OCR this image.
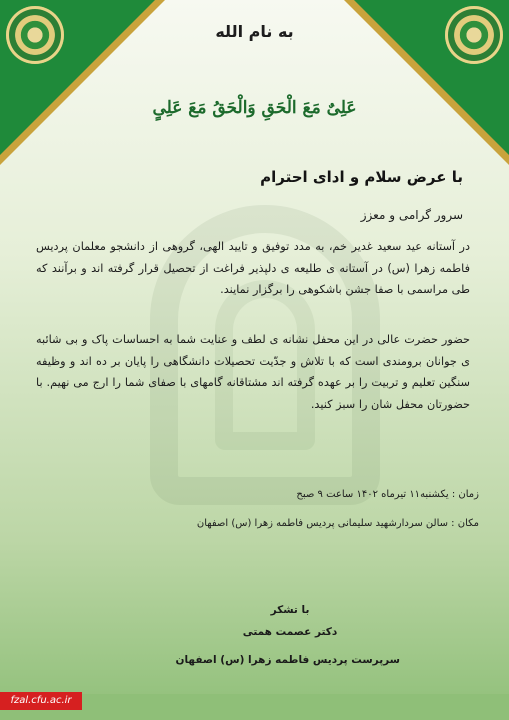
به نام الله
عَلِیٌ مَعَ الْحَقِ وَالْحَقُ مَعَ عَلِیٍ
با عرض سلام و ادای احترام
سرور گرامی و معزز
در آستانه عید سعید غدیر خم، به مدد توفیق و تایید الهی، گروهی از دانشجو معلمان پردیس فاطمه زهرا (س) در آستانه ی طلیعه ی دلپذیر فراغت از تحصیل قرار گرفته اند و برآنند که طی مراسمی با صفا جشن باشکوهی را برگزار نمایند.
حضور حضرت عالی در این محفل نشانه ی لطف و عنایت شما به احساسات پاک و بی شائبه ی جوانان برومندی است که با تلاش و جدّیت تحصیلات دانشگاهی را پایان بر ده اند و وظیفه سنگین تعلیم و تربیت را بر عهده گرفته اند مشتاقانه گامهای با صفای شما را ارج می نهیم. با حضورتان محفل شان را سبز کنید.
زمان : یکشنبه۱۱ تیرماه ۱۴۰۲ ساعت ۹ صبح
مکان : سالن سردارشهید سلیمانی پردیس فاطمه زهرا (س) اصفهان
با تشکر
دکتر عصمت همتی
سرپرست پردیس فاطمه زهرا (س) اصفهان
fzal.cfu.ac.ir
